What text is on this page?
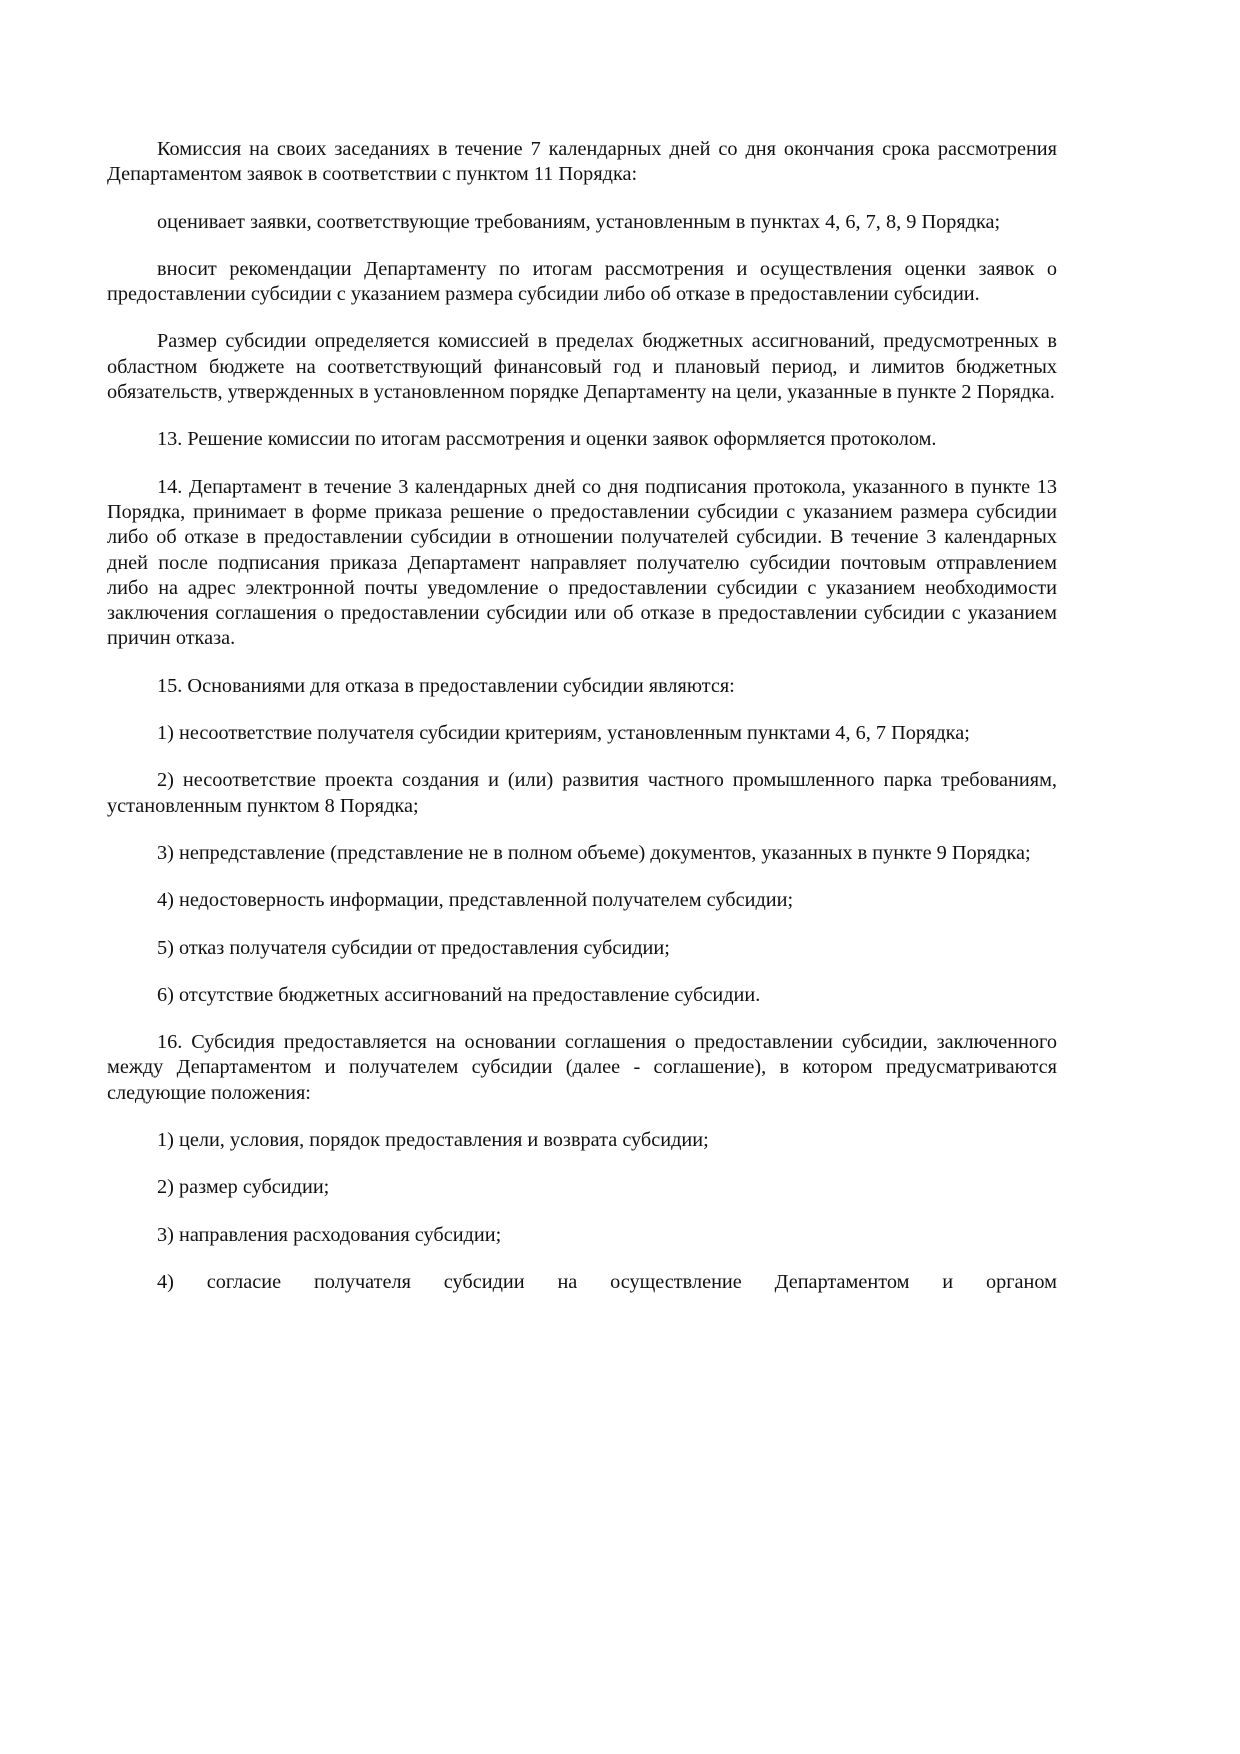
Комиссия на своих заседаниях в течение 7 календарных дней со дня окончания срока рассмотрения Департаментом заявок в соответствии с пунктом 11 Порядка:

оценивает заявки, соответствующие требованиям, установленным в пунктах 4, 6, 7, 8, 9 Порядка;

вносит рекомендации Департаменту по итогам рассмотрения и осуществления оценки заявок о предоставлении субсидии с указанием размера субсидии либо об отказе в предоставлении субсидии.

Размер субсидии определяется комиссией в пределах бюджетных ассигнований, предусмотренных в областном бюджете на соответствующий финансовый год и плановый период, и лимитов бюджетных обязательств, утвержденных в установленном порядке Департаменту на цели, указанные в пункте 2 Порядка.

13. Решение комиссии по итогам рассмотрения и оценки заявок оформляется протоколом.

14. Департамент в течение 3 календарных дней со дня подписания протокола, указанного в пункте 13 Порядка, принимает в форме приказа решение о предоставлении субсидии с указанием размера субсидии либо об отказе в предоставлении субсидии в отношении получателей субсидии. В течение 3 календарных дней после подписания приказа Департамент направляет получателю субсидии почтовым отправлением либо на адрес электронной почты уведомление о предоставлении субсидии с указанием необходимости заключения соглашения о предоставлении субсидии или об отказе в предоставлении субсидии с указанием причин отказа.

15. Основаниями для отказа в предоставлении субсидии являются:

1) несоответствие получателя субсидии критериям, установленным пунктами 4, 6, 7 Порядка;

2) несоответствие проекта создания и (или) развития частного промышленного парка требованиям, установленным пунктом 8 Порядка;

3) непредставление (представление не в полном объеме) документов, указанных в пункте 9 Порядка;

4) недостоверность информации, представленной получателем субсидии;

5) отказ получателя субсидии от предоставления субсидии;

6) отсутствие бюджетных ассигнований на предоставление субсидии.

16. Субсидия предоставляется на основании соглашения о предоставлении субсидии, заключенного между Департаментом и получателем субсидии (далее - соглашение), в котором предусматриваются следующие положения:

1) цели, условия, порядок предоставления и возврата субсидии;

2) размер субсидии;

3) направления расходования субсидии;

4) согласие получателя субсидии на осуществление Департаментом и органом
